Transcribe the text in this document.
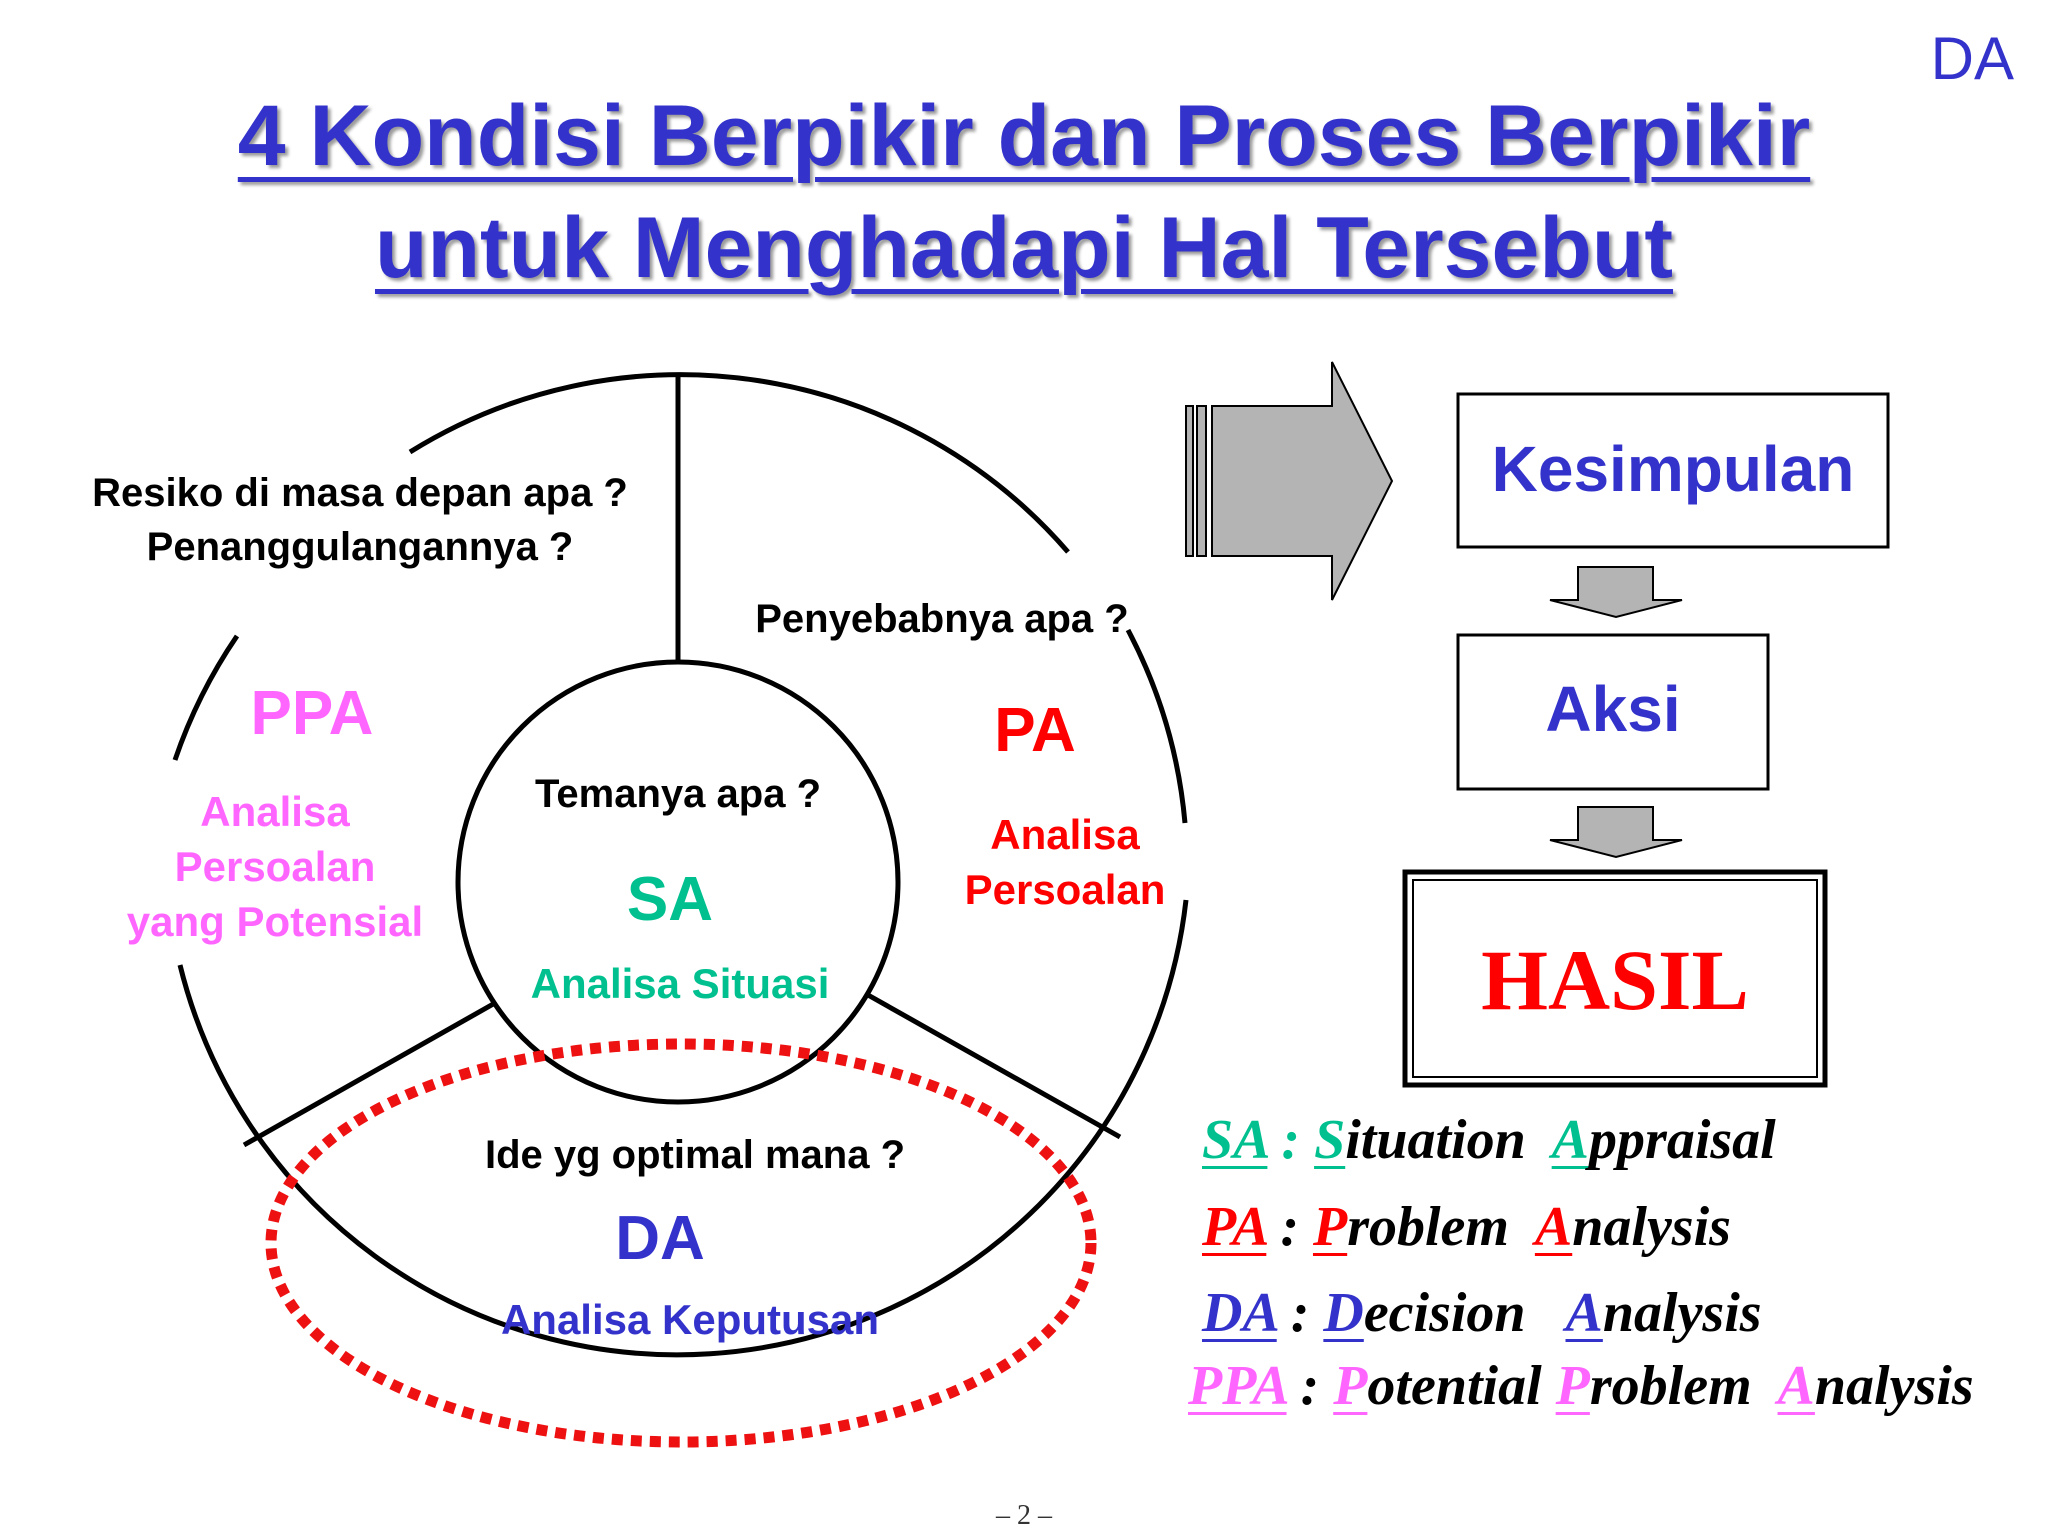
DA
4 Kondisi Berpikir dan Proses Berpikir
untuk Menghadapi Hal Tersebut
Resiko di masa depan apa ?
Penanggulangannya ?
PPA
Analisa
Persoalan
yang Potensial
Penyebabnya apa ?
PA
Analisa
Persoalan
Temanya apa ?
SA
Analisa Situasi
Ide yg optimal mana ?
DA
Analisa Keputusan
Kesimpulan
Aksi
HASIL
SA : Situation Appraisal
PA : Problem Analysis
DA : Decision Analysis
PPA : Potential Problem Analysis
– 2 –
